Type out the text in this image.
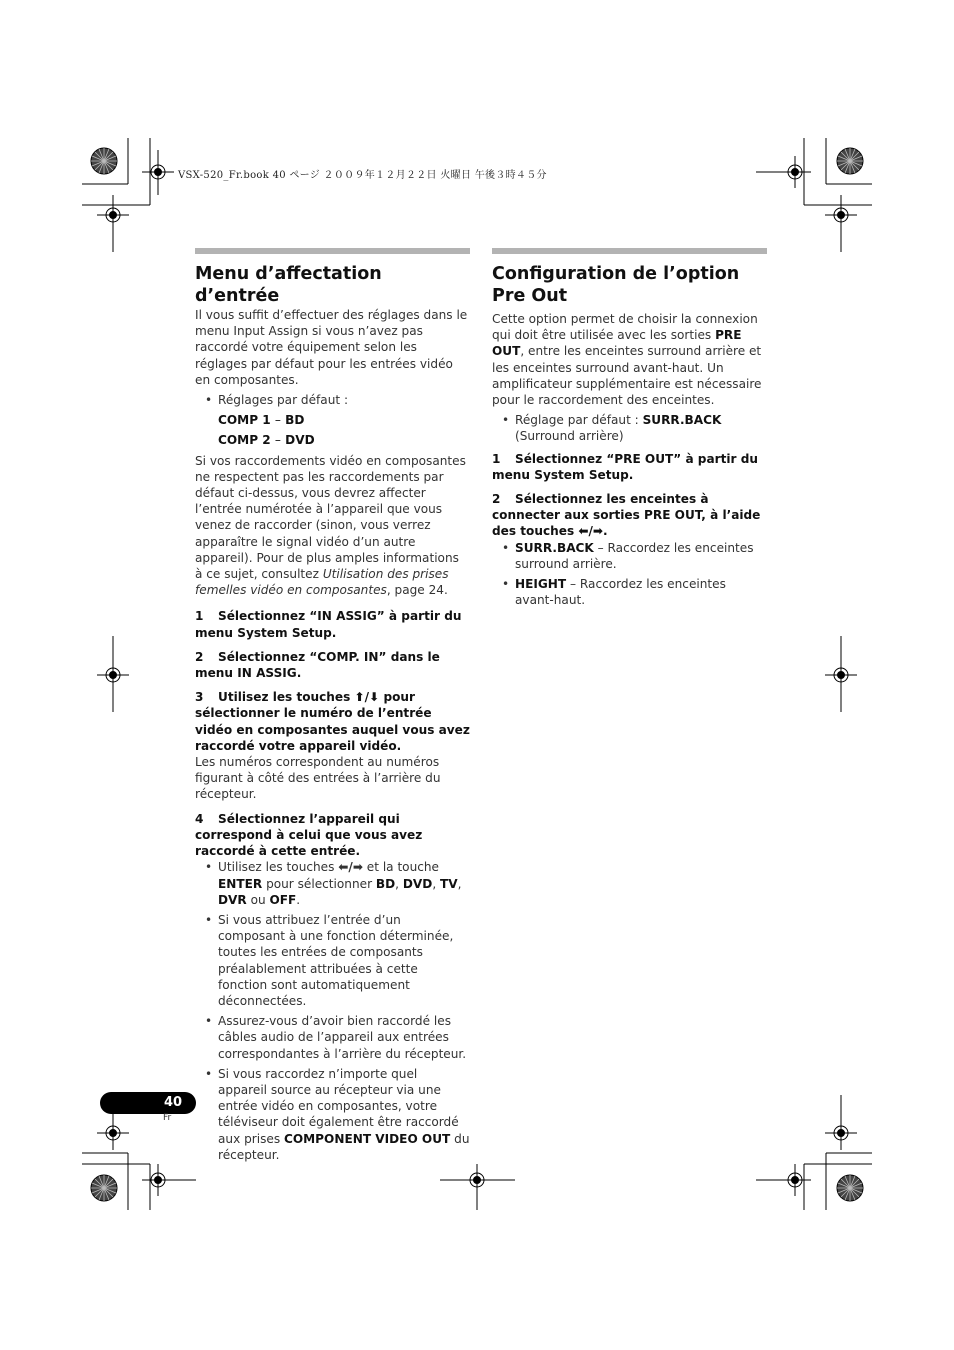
VSX-520_Fr.book 40 ページ ２００９年１２月２２日 火曜日 午後３時４５分
Menu d’affectation d’entrée

Il vous suffit d’effectuer des réglages dans le menu Input Assign si vous n’avez pas raccordé votre équipement selon les réglages par défaut pour les entrées vidéo en composantes.

• Réglages par défaut :
COMP 1 – BD
COMP 2 – DVD

Si vos raccordements vidéo en composantes ne respectent pas les raccordements par défaut ci-dessus, vous devrez affecter l’entrée numérotée à l’appareil que vous venez de raccorder (sinon, vous verrez apparaître le signal vidéo d’un autre appareil). Pour de plus amples informations à ce sujet, consultez Utilisation des prises femelles vidéo en composantes, page 24.

1 Sélectionnez “IN ASSIG” à partir du menu System Setup.
2 Sélectionnez “COMP. IN” dans le menu IN ASSIG.
3 Utilisez les touches ⬆/⬇ pour sélectionner le numéro de l’entrée vidéo en composantes auquel vous avez raccordé votre appareil vidéo.

Les numéros correspondent au numéros figurant à côté des entrées à l’arrière du récepteur.

4 Sélectionnez l’appareil qui correspond à celui que vous avez raccordé à cette entrée.
• Utilisez les touches ⬅/➡ et la touche ENTER pour sélectionner BD, DVD, TV, DVR ou OFF.
• Si vous attribuez l’entrée d’un composant à une fonction déterminée, toutes les entrées de composants préalablement attribuées à cette fonction sont automatiquement déconnectées.
• Assurez-vous d’avoir bien raccordé les câbles audio de l’appareil aux entrées correspondantes à l’arrière du récepteur.
• Si vous raccordez n’importe quel appareil source au récepteur via une entrée vidéo en composantes, votre téléviseur doit également être raccordé aux prises COMPONENT VIDEO OUT du récepteur.
Configuration de l’option Pre Out

Cette option permet de choisir la connexion qui doit être utilisée avec les sorties PRE OUT, entre les enceintes surround arrière et les enceintes surround avant-haut. Un amplificateur supplémentaire est nécessaire pour le raccordement des enceintes.

• Réglage par défaut : SURR.BACK (Surround arrière)
1 Sélectionnez “PRE OUT” à partir du menu System Setup.
2 Sélectionnez les enceintes à connecter aux sorties PRE OUT, à l’aide des touches ⬅/➡.
• SURR.BACK – Raccordez les enceintes surround arrière.
• HEIGHT – Raccordez les enceintes avant-haut.
40
Fr
